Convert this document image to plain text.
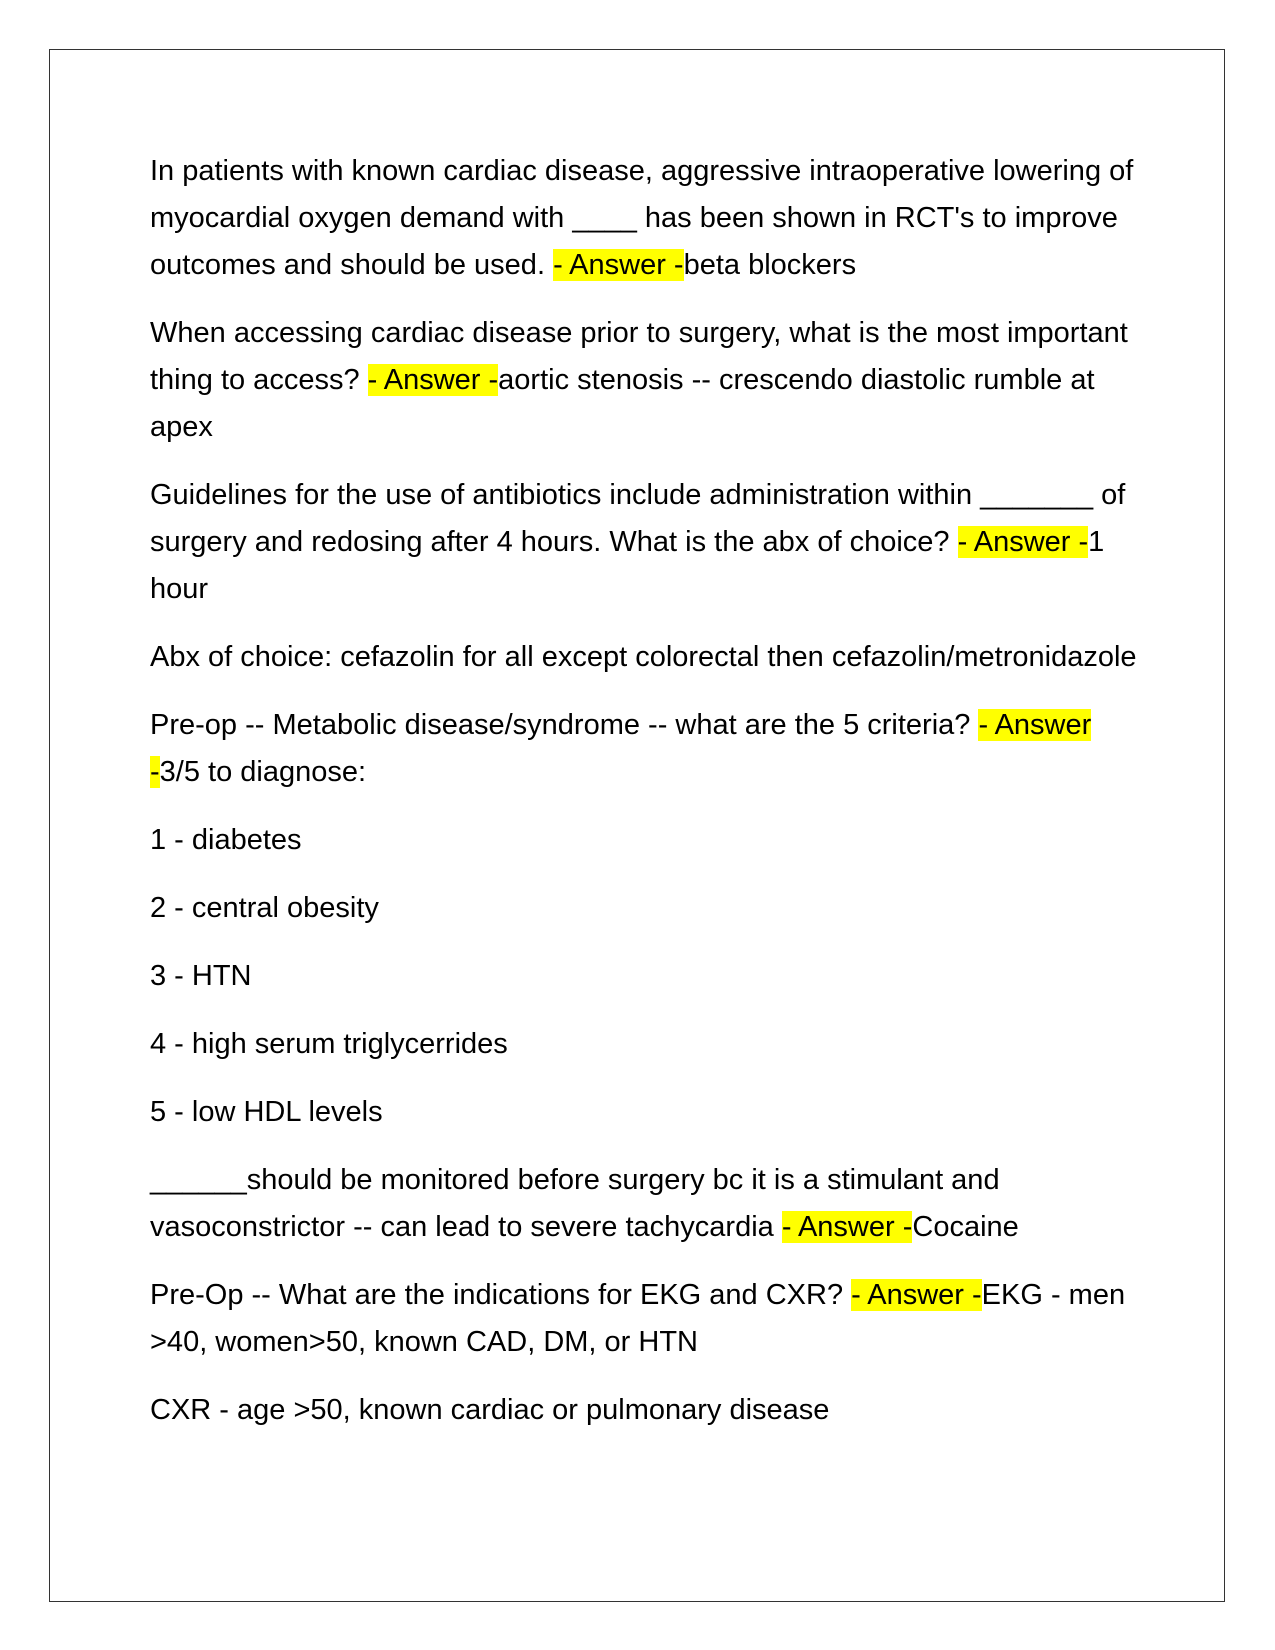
In patients with known cardiac disease, aggressive intraoperative lowering of myocardial oxygen demand with ____ has been shown in RCT's to improve outcomes and should be used. - Answer -beta blockers

When accessing cardiac disease prior to surgery, what is the most important thing to access? - Answer -aortic stenosis -- crescendo diastolic rumble at apex

Guidelines for the use of antibiotics include administration within _______ of surgery and redosing after 4 hours. What is the abx of choice? - Answer -1 hour

Abx of choice: cefazolin for all except colorectal then cefazolin/metronidazole

Pre-op -- Metabolic disease/syndrome -- what are the 5 criteria? - Answer -3/5 to diagnose:

1 - diabetes

2 - central obesity

3 - HTN

4 - high serum triglycerrides

5 - low HDL levels

______should be monitored before surgery bc it is a stimulant and vasoconstrictor -- can lead to severe tachycardia - Answer -Cocaine

Pre-Op -- What are the indications for EKG and CXR? - Answer -EKG - men >40, women>50, known CAD, DM, or HTN

CXR - age >50, known cardiac or pulmonary disease
